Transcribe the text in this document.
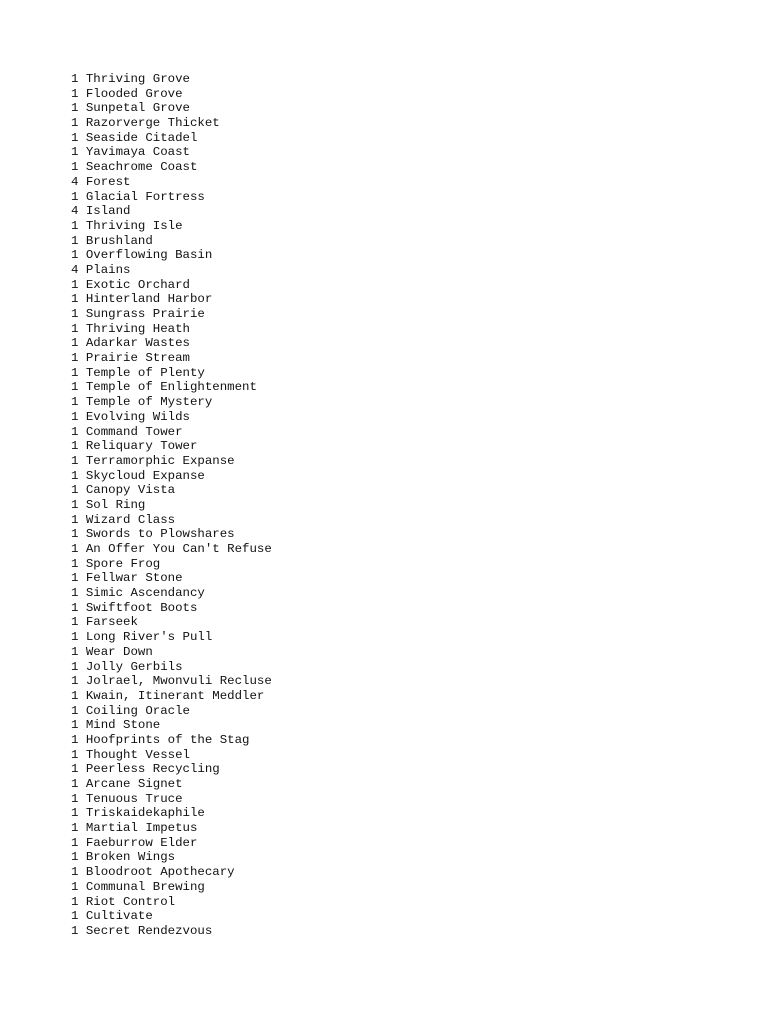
1 Thriving Grove
1 Flooded Grove
1 Sunpetal Grove
1 Razorverge Thicket
1 Seaside Citadel
1 Yavimaya Coast
1 Seachrome Coast
4 Forest
1 Glacial Fortress
4 Island
1 Thriving Isle
1 Brushland
1 Overflowing Basin
4 Plains
1 Exotic Orchard
1 Hinterland Harbor
1 Sungrass Prairie
1 Thriving Heath
1 Adarkar Wastes
1 Prairie Stream
1 Temple of Plenty
1 Temple of Enlightenment
1 Temple of Mystery
1 Evolving Wilds
1 Command Tower
1 Reliquary Tower
1 Terramorphic Expanse
1 Skycloud Expanse
1 Canopy Vista
1 Sol Ring
1 Wizard Class
1 Swords to Plowshares
1 An Offer You Can't Refuse
1 Spore Frog
1 Fellwar Stone
1 Simic Ascendancy
1 Swiftfoot Boots
1 Farseek
1 Long River's Pull
1 Wear Down
1 Jolly Gerbils
1 Jolrael, Mwonvuli Recluse
1 Kwain, Itinerant Meddler
1 Coiling Oracle
1 Mind Stone
1 Hoofprints of the Stag
1 Thought Vessel
1 Peerless Recycling
1 Arcane Signet
1 Tenuous Truce
1 Triskaidekaphile
1 Martial Impetus
1 Faeburrow Elder
1 Broken Wings
1 Bloodroot Apothecary
1 Communal Brewing
1 Riot Control
1 Cultivate
1 Secret Rendezvous
